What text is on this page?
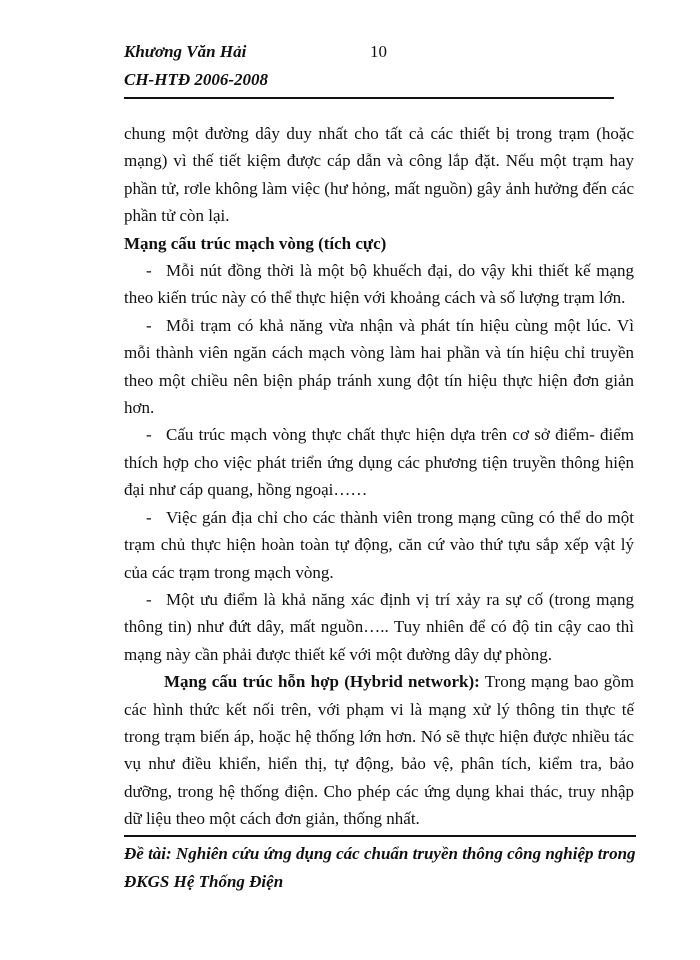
Khương Văn Hải	10
CH-HTĐ 2006-2008

chung một đường dây duy nhất cho tất cả các thiết bị trong trạm (hoặc mạng) vì thế tiết kiệm được cáp dẫn và công lắp đặt. Nếu một trạm hay phần tử, rơle không làm việc (hư hỏng, mất nguồn) gây ảnh hưởng đến các phần tử còn lại.

Mạng cấu trúc mạch vòng (tích cực)

- Mỗi nút đồng thời là một bộ khuếch đại, do vậy khi thiết kế mạng theo kiến trúc này có thể thực hiện với khoảng cách và số lượng trạm lớn.

- Mỗi trạm có khả năng vừa nhận và phát tín hiệu cùng một lúc. Vì mỗi thành viên ngăn cách mạch vòng làm hai phần và tín hiệu chỉ truyền theo một chiều nên biện pháp tránh xung đột tín hiệu thực hiện đơn giản hơn.

- Cấu trúc mạch vòng thực chất thực hiện dựa trên cơ sở điểm- điểm thích hợp cho việc phát triển ứng dụng các phương tiện truyền thông hiện đại như cáp quang, hồng ngoại……

- Việc gán địa chỉ cho các thành viên trong mạng cũng có thể do một trạm chủ thực hiện hoàn toàn tự động, căn cứ vào thứ tựu sắp xếp vật lý của các trạm trong mạch vòng.

- Một ưu điểm là khả năng xác định vị trí xảy ra sự cố (trong mạng thông tin) như đứt dây, mất nguồn….. Tuy nhiên để có độ tin cậy cao thì mạng này cần phải được thiết kế với một đường dây dự phòng.

Mạng cấu trúc hỗn hợp (Hybrid network): Trong mạng bao gồm các hình thức kết nối trên, với phạm vi là mạng xử lý thông tin thực tế trong trạm biến áp, hoặc hệ thống lớn hơn. Nó sẽ thực hiện được nhiều tác vụ như điều khiển, hiển thị, tự động, bảo vệ, phân tích, kiểm tra, bảo dưỡng, trong hệ thống điện. Cho phép các ứng dụng khai thác, truy nhập dữ liệu theo một cách đơn giản, thống nhất.

Đề tài: Nghiên cứu ứng dụng các chuẩn truyền thông công nghiệp trong
ĐKGS Hệ Thống Điện
